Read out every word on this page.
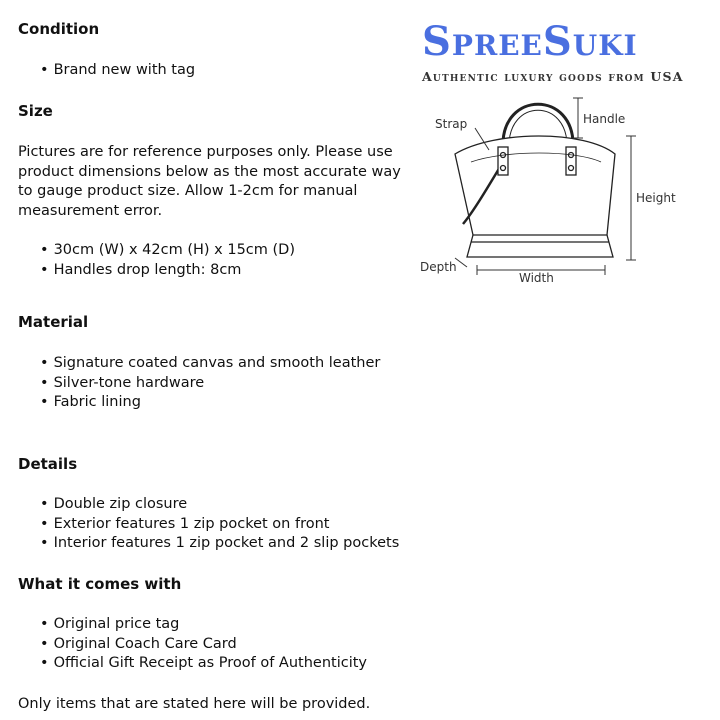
Condition
• Brand new with tag
Size

Pictures are for reference purposes only. Please use product dimensions below as the most accurate way to gauge product size. Allow 1-2cm for manual measurement error.

• 30cm (W) x 42cm (H) x 15cm (D)
• Handles drop length: 8cm
Material
• Signature coated canvas and smooth leather
• Silver-tone hardware
• Fabric lining
Details
• Double zip closure
• Exterior features 1 zip pocket on front
• Interior features 1 zip pocket and 2 slip pockets
What it comes with
• Original price tag
• Original Coach Care Card
• Official Gift Receipt as Proof of Authenticity

Only items that are stated here will be provided.

SpreeSuki
Authentic luxury goods from USA
Strap	Handle
Height
Depth
Width
